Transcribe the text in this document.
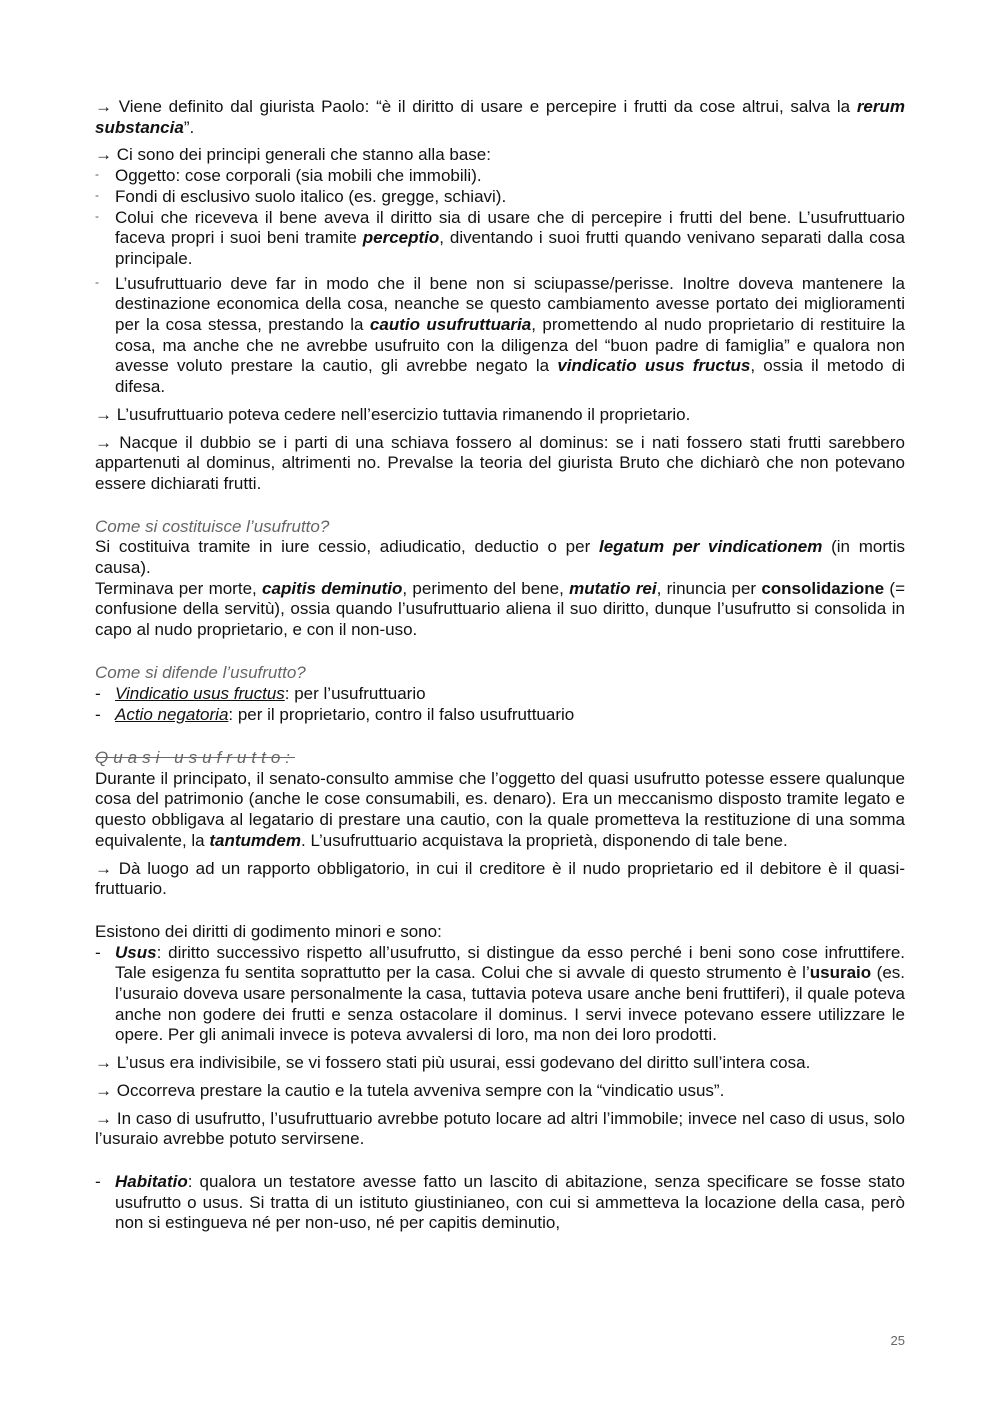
→ Viene definito dal giurista Paolo: “è il diritto di usare e percepire i frutti da cose altrui, salva la rerum substancia”.

→ Ci sono dei principi generali che stanno alla base:

- Oggetto: cose corporali (sia mobili che immobili).
- Fondi di esclusivo suolo italico (es. gregge, schiavi).
- Colui che riceveva il bene aveva il diritto sia di usare che di percepire i frutti del bene. L’usufruttuario faceva propri i suoi beni tramite perceptio, diventando i suoi frutti quando venivano separati dalla cosa principale.
- L’usufruttuario deve far in modo che il bene non si sciupasse/perisse. Inoltre doveva mantenere la destinazione economica della cosa, neanche se questo cambiamento avesse portato dei miglioramenti per la cosa stessa, prestando la cautio usufruttuaria, promettendo al nudo proprietario di restituire la cosa, ma anche che ne avrebbe usufruito con la diligenza del “buon padre di famiglia” e qualora non avesse voluto prestare la cautio, gli avrebbe negato la vindicatio usus fructus, ossia il metodo di difesa.

→ L’usufruttuario poteva cedere nell’esercizio tuttavia rimanendo il proprietario.

→ Nacque il dubbio se i parti di una schiava fossero al dominus: se i nati fossero stati frutti sarebbero appartenuti al dominus, altrimenti no. Prevalse la teoria del giurista Bruto che dichiarò che non potevano essere dichiarati frutti.

Come si costituisce l’usufrutto?

Si costituiva tramite in iure cessio, adiudicatio, deductio o per legatum per vindicationem (in mortis causa).

Terminava per morte, capitis deminutio, perimento del bene, mutatio rei, rinuncia per consolidazione (= confusione della servitù), ossia quando l’usufruttuario aliena il suo diritto, dunque l’usufrutto si consolida in capo al nudo proprietario, e con il non-uso.

Come si difende l’usufrutto?

- Vindicatio usus fructus: per l’usufruttuario
- Actio negatoria: per il proprietario, contro il falso usufruttuario

Quasi usufrutto:

Durante il principato, il senato-consulto ammise che l’oggetto del quasi usufrutto potesse essere qualunque cosa del patrimonio (anche le cose consumabili, es. denaro). Era un meccanismo disposto tramite legato e questo obbligava al legatario di prestare una cautio, con la quale prometteva la restituzione di una somma equivalente, la tantumdem. L’usufruttuario acquistava la proprietà, disponendo di tale bene.

→ Dà luogo ad un rapporto obbligatorio, in cui il creditore è il nudo proprietario ed il debitore è il quasi-fruttuario.

Esistono dei diritti di godimento minori e sono:

- Usus: diritto successivo rispetto all’usufrutto, si distingue da esso perché i beni sono cose infruttifere. Tale esigenza fu sentita soprattutto per la casa. Colui che si avvale di questo strumento è l’usuraio (es. l’usuraio doveva usare personalmente la casa, tuttavia poteva usare anche beni fruttiferi), il quale poteva anche non godere dei frutti e senza ostacolare il dominus. I servi invece potevano essere utilizzare le opere. Per gli animali invece is poteva avvalersi di loro, ma non dei loro prodotti.

→ L’usus era indivisibile, se vi fossero stati più usurai, essi godevano del diritto sull’intera cosa.

→ Occorreva prestare la cautio e la tutela avveniva sempre con la “vindicatio usus”.

→ In caso di usufrutto, l’usufruttuario avrebbe potuto locare ad altri l’immobile; invece nel caso di usus, solo l’usuraio avrebbe potuto servirsene.

- Habitatio: qualora un testatore avesse fatto un lascito di abitazione, senza specificare se fosse stato usufrutto o usus. Si tratta di un istituto giustinianeo, con cui si ammetteva la locazione della casa, però non si estingueva né per non-uso, né per capitis deminutio,
25
